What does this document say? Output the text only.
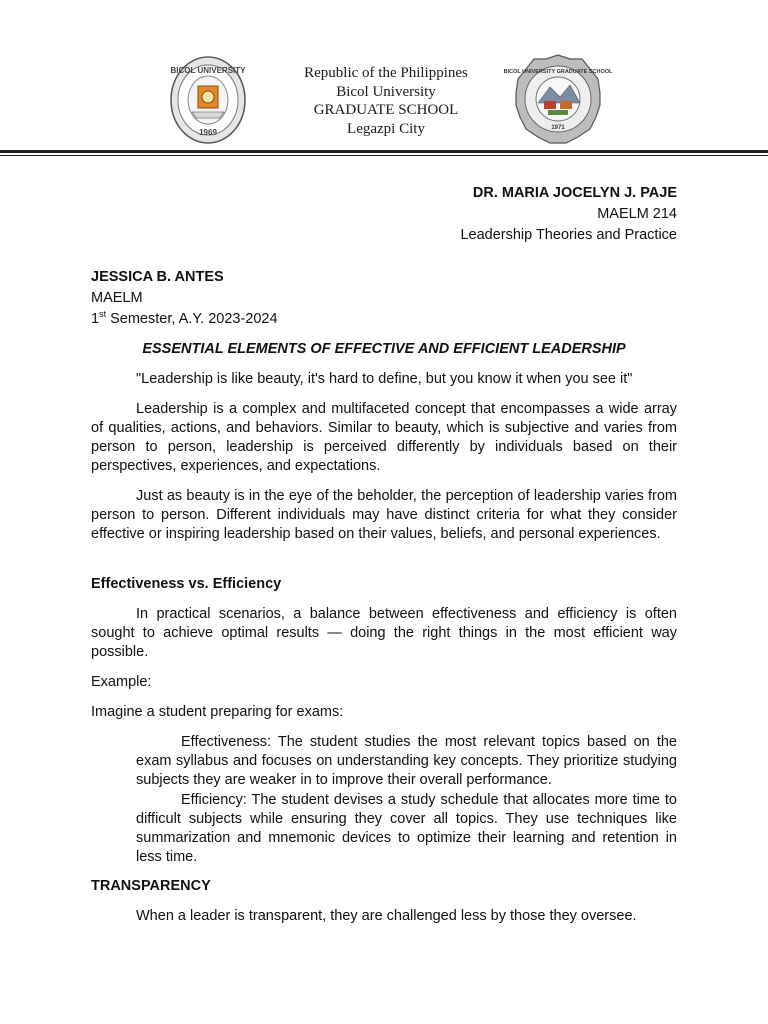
BICOL UNIVERSITY
1969
Republic of the Philippines
Bicol University
GRADUATE SCHOOL
Legazpi City
BICOL UNIVERSITY GRADUATE SCHOOL
1971
DR. MARIA JOCELYN J. PAJE
MAELM 214
Leadership Theories and Practice
JESSICA B. ANTES
MAELM
1st Semester, A.Y. 2023-2024
ESSENTIAL ELEMENTS OF EFFECTIVE AND EFFICIENT LEADERSHIP

"Leadership is like beauty, it's hard to define, but you know it when you see it"

Leadership is a complex and multifaceted concept that encompasses a wide array of qualities, actions, and behaviors. Similar to beauty, which is subjective and varies from person to person, leadership is perceived differently by individuals based on their perspectives, experiences, and expectations.

Just as beauty is in the eye of the beholder, the perception of leadership varies from person to person. Different individuals may have distinct criteria for what they consider effective or inspiring leadership based on their values, beliefs, and personal experiences.

Effectiveness vs. Efficiency

In practical scenarios, a balance between effectiveness and efficiency is often sought to achieve optimal results — doing the right things in the most efficient way possible.

Example:

Imagine a student preparing for exams:

Effectiveness: The student studies the most relevant topics based on the exam syllabus and focuses on understanding key concepts. They prioritize studying subjects they are weaker in to improve their overall performance.
Efficiency: The student devises a study schedule that allocates more time to difficult subjects while ensuring they cover all topics. They use techniques like summarization and mnemonic devices to optimize their learning and retention in less time.

TRANSPARENCY

When a leader is transparent, they are challenged less by those they oversee.
